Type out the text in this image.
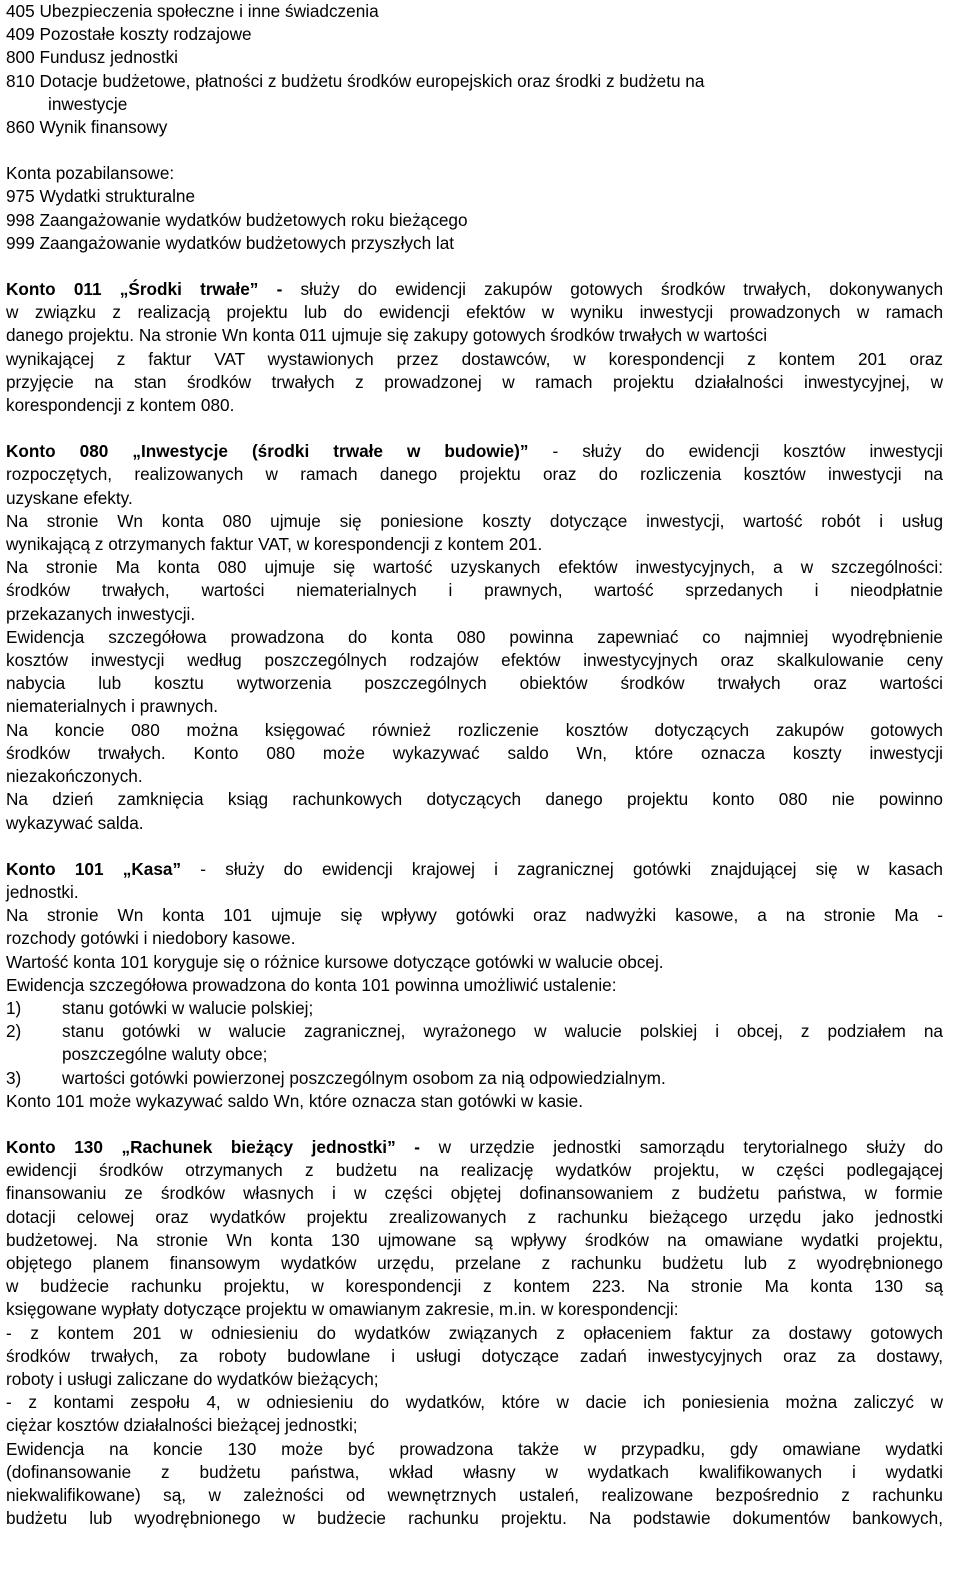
405 Ubezpieczenia społeczne i inne świadczenia
409 Pozostałe koszty rodzajowe
800 Fundusz jednostki
810 Dotacje budżetowe, płatności z budżetu środków europejskich oraz środki z budżetu na
inwestycje
860 Wynik finansowy
Konta pozabilansowe:
975 Wydatki strukturalne
998 Zaangażowanie wydatków budżetowych roku bieżącego
999 Zaangażowanie wydatków budżetowych przyszłych lat
Konto 011 „Środki trwałe” - służy do ewidencji zakupów gotowych środków trwałych, dokonywanych
w związku z realizacją projektu lub do ewidencji efektów w wyniku inwestycji prowadzonych w ramach
danego projektu. Na stronie Wn konta 011 ujmuje się zakupy gotowych środków trwałych w wartości
wynikającej z faktur VAT wystawionych przez dostawców, w korespondencji z kontem 201 oraz
przyjęcie na stan środków trwałych z prowadzonej w ramach projektu działalności inwestycyjnej, w
korespondencji z kontem 080.
Konto 080 „Inwestycje (środki trwałe w budowie)” - służy do ewidencji kosztów inwestycji
rozpoczętych, realizowanych w ramach danego projektu oraz do rozliczenia kosztów inwestycji na
uzyskane efekty.
Na stronie Wn konta 080 ujmuje się poniesione koszty dotyczące inwestycji, wartość robót i usług
wynikającą z otrzymanych faktur VAT, w korespondencji z kontem 201.
Na stronie Ma konta 080 ujmuje się wartość uzyskanych efektów inwestycyjnych, a w szczególności:
środków trwałych, wartości niematerialnych i prawnych, wartość sprzedanych i nieodpłatnie
przekazanych inwestycji.
Ewidencja szczegółowa prowadzona do konta 080 powinna zapewniać co najmniej wyodrębnienie
kosztów inwestycji według poszczególnych rodzajów efektów inwestycyjnych oraz skalkulowanie ceny
nabycia lub kosztu wytworzenia poszczególnych obiektów środków trwałych oraz wartości
niematerialnych i prawnych.
Na koncie 080 można księgować również rozliczenie kosztów dotyczących zakupów gotowych
środków trwałych. Konto 080 może wykazywać saldo Wn, które oznacza koszty inwestycji
niezakończonych.
Na dzień zamknięcia ksiąg rachunkowych dotyczących danego projektu konto 080 nie powinno
wykazywać salda.
Konto 101 „Kasa” - służy do ewidencji krajowej i zagranicznej gotówki znajdującej się w kasach
jednostki.
Na stronie Wn konta 101 ujmuje się wpływy gotówki oraz nadwyżki kasowe, a na stronie Ma -
rozchody gotówki i niedobory kasowe.
Wartość konta 101 koryguje się o różnice kursowe dotyczące gotówki w walucie obcej.
Ewidencja szczegółowa prowadzona do konta 101 powinna umożliwić ustalenie:
1)	stanu gotówki w walucie polskiej;
2)	stanu gotówki w walucie zagranicznej, wyrażonego w walucie polskiej i obcej, z podziałem na
poszczególne waluty obce;
3)	wartości gotówki powierzonej poszczególnym osobom za nią odpowiedzialnym.
Konto 101 może wykazywać saldo Wn, które oznacza stan gotówki w kasie.
Konto 130 „Rachunek bieżący jednostki” - w urzędzie jednostki samorządu terytorialnego służy do
ewidencji środków otrzymanych z budżetu na realizację wydatków projektu, w części podlegającej
finansowaniu ze środków własnych i w części objętej dofinansowaniem z budżetu państwa, w formie
dotacji celowej oraz wydatków projektu zrealizowanych z rachunku bieżącego urzędu jako jednostki
budżetowej. Na stronie Wn konta 130 ujmowane są wpływy środków na omawiane wydatki projektu,
objętego planem finansowym wydatków urzędu, przelane z rachunku budżetu lub z wyodrębnionego
w budżecie rachunku projektu, w korespondencji z kontem 223. Na stronie Ma konta 130 są
księgowane wypłaty dotyczące projektu w omawianym zakresie, m.in. w korespondencji:
- z kontem 201 w odniesieniu do wydatków związanych z opłaceniem faktur za dostawy gotowych
środków trwałych, za roboty budowlane i usługi dotyczące zadań inwestycyjnych oraz za dostawy,
roboty i usługi zaliczane do wydatków bieżących;
- z kontami zespołu 4, w odniesieniu do wydatków, które w dacie ich poniesienia można zaliczyć w
ciężar kosztów działalności bieżącej jednostki;
Ewidencja na koncie 130 może być prowadzona także w przypadku, gdy omawiane wydatki
(dofinansowanie z budżetu państwa, wkład własny w wydatkach kwalifikowanych i wydatki
niekwalifikowane) są, w zależności od wewnętrznych ustaleń, realizowane bezpośrednio z rachunku
budżetu lub wyodrębnionego w budżecie rachunku projektu. Na podstawie dokumentów bankowych,
